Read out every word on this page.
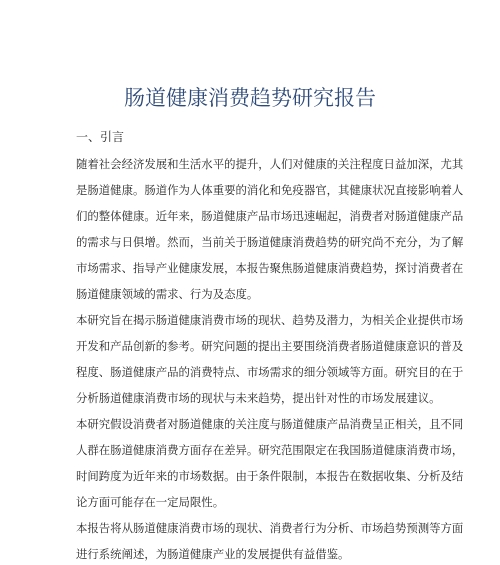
肠道健康消费趋势研究报告
一、引言
随着社会经济发展和生活水平的提升，人们对健康的关注程度日益加深，尤其
是肠道健康。肠道作为人体重要的消化和免疫器官，其健康状况直接影响着人
们的整体健康。近年来，肠道健康产品市场迅速崛起，消费者对肠道健康产品
的需求与日俱增。然而，当前关于肠道健康消费趋势的研究尚不充分，为了解
市场需求、指导产业健康发展，本报告聚焦肠道健康消费趋势，探讨消费者在
肠道健康领域的需求、行为及态度。
本研究旨在揭示肠道健康消费市场的现状、趋势及潜力，为相关企业提供市场
开发和产品创新的参考。研究问题的提出主要围绕消费者肠道健康意识的普及
程度、肠道健康产品的消费特点、市场需求的细分领域等方面。研究目的在于
分析肠道健康消费市场的现状与未来趋势，提出针对性的市场发展建议。
本研究假设消费者对肠道健康的关注度与肠道健康产品消费呈正相关，且不同
人群在肠道健康消费方面存在差异。研究范围限定在我国肠道健康消费市场，
时间跨度为近年来的市场数据。由于条件限制，本报告在数据收集、分析及结
论方面可能存在一定局限性。
本报告将从肠道健康消费市场的现状、消费者行为分析、市场趋势预测等方面
进行系统阐述，为肠道健康产业的发展提供有益借鉴。
